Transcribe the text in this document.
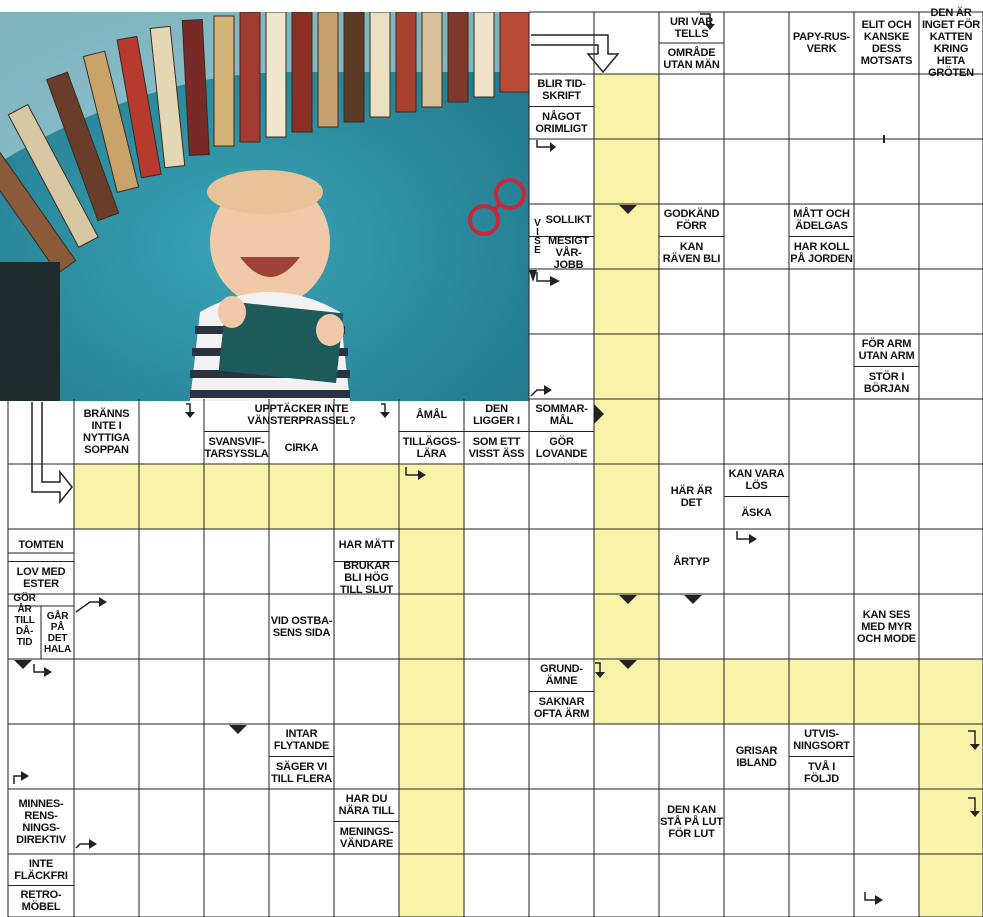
URI VAR TELLS
OMRÅDE UTAN MÄN
PAPY-RUS-VERK
ELIT OCH KANSKE DESS MOTSATS
DEN ÄR INGET FÖR KATTEN KRING HETA GRÖTEN
BLIR TID-SKRIFT
NÅGOT ORIMLIGT
SOLLIKT
MESIGT VÅR-JOBB
GODKÄND FÖRR
KAN RÄVEN BLI
MÅTT OCH ÄDELGAS
HAR KOLL PÅ JORDEN
FÖR ARM UTAN ARM
STÖR I BÖRJAN
BRÄNNS INTE I NYTTIGA SOPPAN
UPPTÄCKER INTE VÄNSTERPRASSEL?
SVANSVIF-TARSYSSLA	CIRKA
ÅMÅL
TILLÄGGS-LÄRA
DEN LIGGER I
SOM ETT VISST ÄSS
SOMMAR-MÅL
GÖR LOVANDE
HÄR ÄR DET
KAN VARA LÖS
ÄSKA
TOMTEN
LOV MED ESTER
HAR MÄTT
BRUKAR BLI HÖG TILL SLUT
ÅRTYP
VID OSTBA-SENS SIDA
KAN SES MED MYR OCH MODE
GRUND-ÄMNE
SAKNAR OFTA ÄRM
INTAR FLYTANDE
SÄGER VI TILL FLERA
GRISAR IBLAND
UTVIS-NINGSORT
TVÅ I FÖLJD
MINNES-RENS-NINGS-DIREKTIV
HAR DU NÄRA TILL
MENINGS-VÄNDARE
DEN KAN STÅ PÅ LUT FÖR LUT
INTE FLÄCKFRI
RETRO-MÖBEL
VISE
GÖR ÅR TILL DÅ-TID
GÅR PÅ DET HALA
